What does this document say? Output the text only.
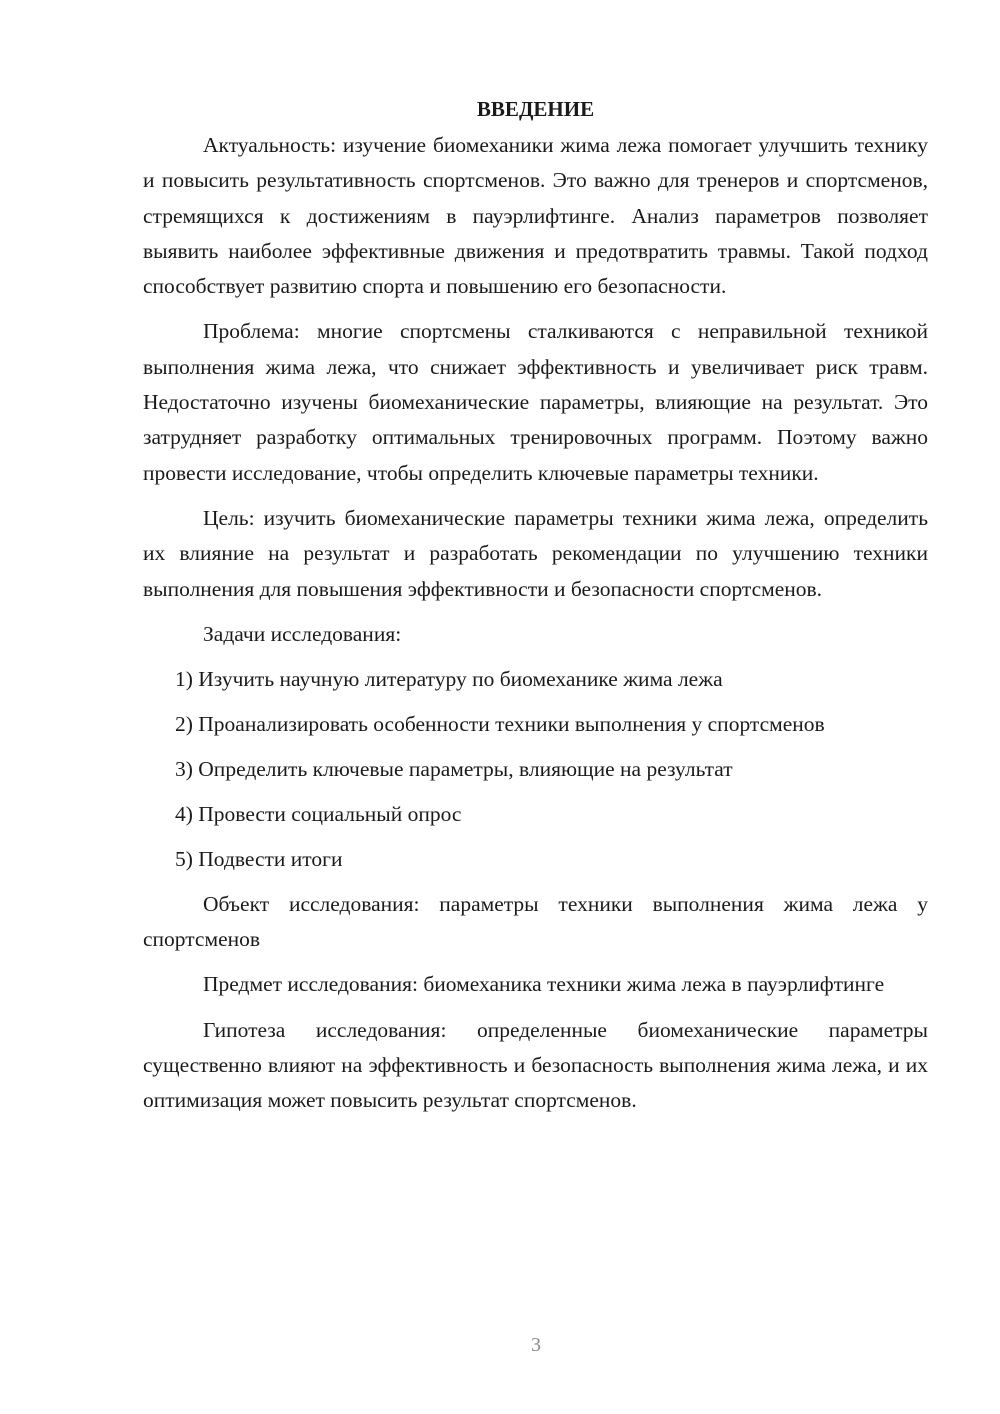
ВВЕДЕНИЕ

Актуальность: изучение биомеханики жима лежа помогает улучшить технику и повысить результативность спортсменов. Это важно для тренеров и спортсменов, стремящихся к достижениям в пауэрлифтинге. Анализ параметров позволяет выявить наиболее эффективные движения и предотвратить травмы. Такой подход способствует развитию спорта и повышению его безопасности.

Проблема: многие спортсмены сталкиваются с неправильной техникой выполнения жима лежа, что снижает эффективность и увеличивает риск травм. Недостаточно изучены биомеханические параметры, влияющие на результат. Это затрудняет разработку оптимальных тренировочных программ. Поэтому важно провести исследование, чтобы определить ключевые параметры техники.

Цель: изучить биомеханические параметры техники жима лежа, определить их влияние на результат и разработать рекомендации по улучшению техники выполнения для повышения эффективности и безопасности спортсменов.

Задачи исследования:
1) Изучить научную литературу по биомеханике жима лежа
2) Проанализировать особенности техники выполнения у спортсменов
3) Определить ключевые параметры, влияющие на результат
4) Провести социальный опрос
5) Подвести итоги

Объект исследования: параметры техники выполнения жима лежа у спортсменов

Предмет исследования: биомеханика техники жима лежа в пауэрлифтинге

Гипотеза исследования: определенные биомеханические параметры существенно влияют на эффективность и безопасность выполнения жима лежа, и их оптимизация может повысить результат спортсменов.

3
